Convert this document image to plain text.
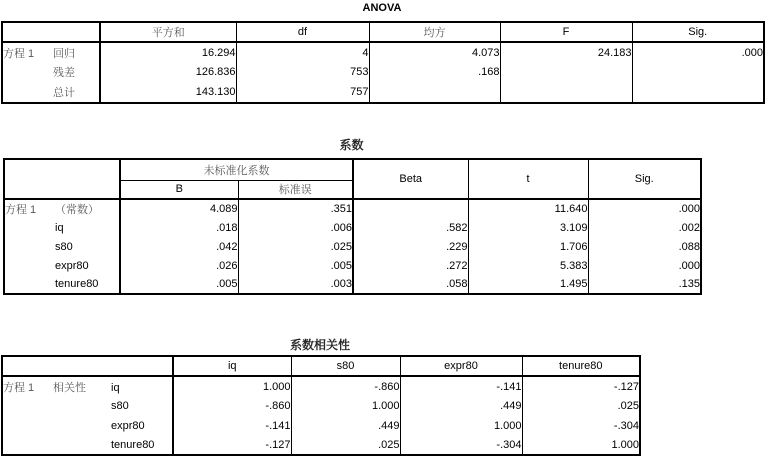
ANOVA
	平方和	df	均方	F	Sig.
方程 1 回归	16.294	4	4.073	24.183	.000
残差	126.836	753	.168		
总计	143.130	757			
系数
	未标准化系数		Beta	t	Sig.
	B	标准误			
方程 1 （常数）	4.089	.351		11.640	.000
iq	.018	.006	.582	3.109	.002
s80	.042	.025	.229	1.706	.088
expr80	.026	.005	.272	5.383	.000
tenure80	.005	.003	.058	1.495	.135
系数相关性
	iq	s80	expr80	tenure80
方程 1 相关性 iq	1.000	-.860	-.141	-.127
s80	-.860	1.000	.449	.025
expr80	-.141	.449	1.000	-.304
tenure80	-.127	.025	-.304	1.000
